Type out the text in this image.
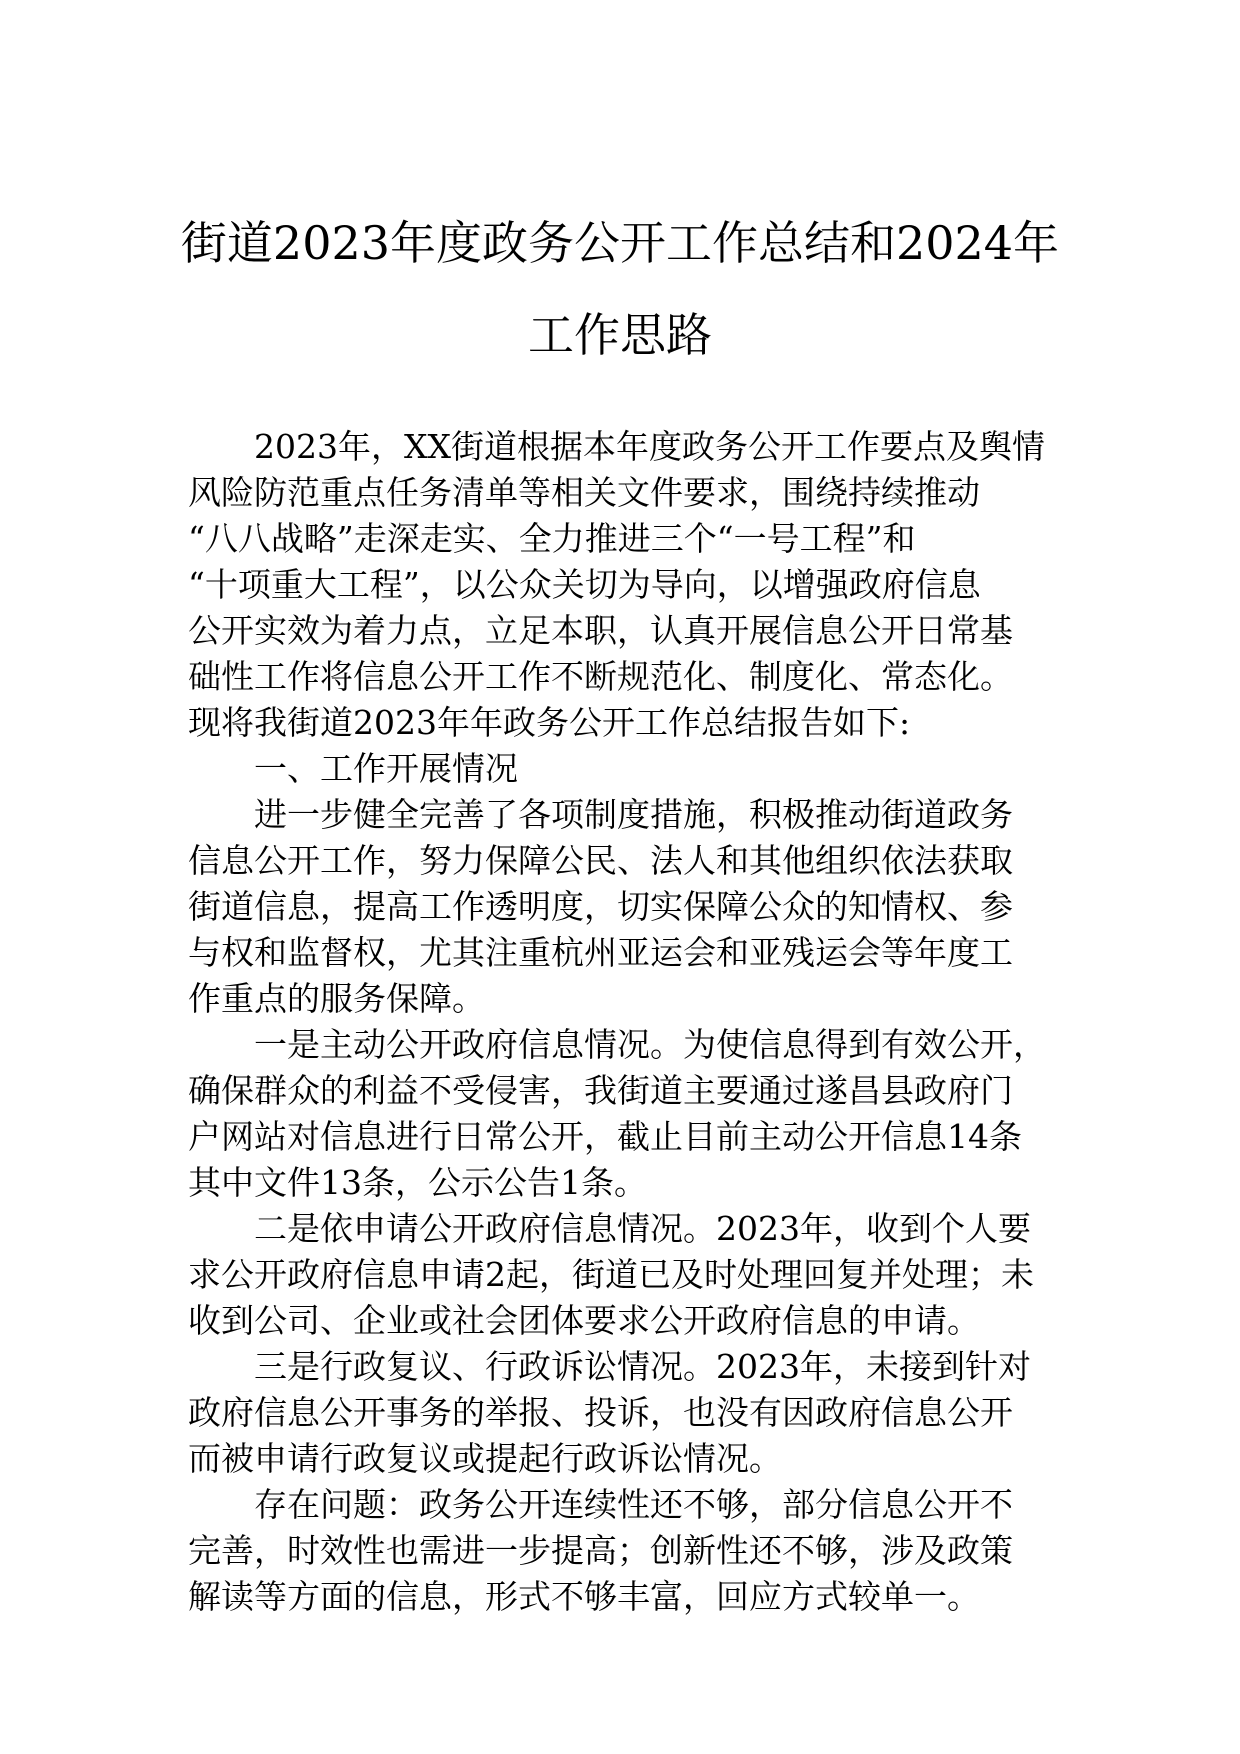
街道2023年度政务公开工作总结和2024年
工作思路
2023年，XX街道根据本年度政务公开工作要点及舆情
风险防范重点任务清单等相关文件要求，围绕持续推动
“八八战略”走深走实、全力推进三个“一号工程”和
“十项重大工程”，以公众关切为导向，以增强政府信息
公开实效为着力点，立足本职，认真开展信息公开日常基
础性工作将信息公开工作不断规范化、制度化、常态化。
现将我街道2023年年政务公开工作总结报告如下:
一、工作开展情况
进一步健全完善了各项制度措施，积极推动街道政务
信息公开工作，努力保障公民、法人和其他组织依法获取
街道信息，提高工作透明度，切实保障公众的知情权、参
与权和监督权，尤其注重杭州亚运会和亚残运会等年度工
作重点的服务保障。
一是主动公开政府信息情况。为使信息得到有效公开，
确保群众的利益不受侵害，我街道主要通过遂昌县政府门
户网站对信息进行日常公开，截止目前主动公开信息14条
其中文件13条，公示公告1条。
二是依申请公开政府信息情况。2023年，收到个人要
求公开政府信息申请2起，街道已及时处理回复并处理；未
收到公司、企业或社会团体要求公开政府信息的申请。
三是行政复议、行政诉讼情况。2023年，未接到针对
政府信息公开事务的举报、投诉，也没有因政府信息公开
而被申请行政复议或提起行政诉讼情况。
存在问题：政务公开连续性还不够，部分信息公开不
完善，时效性也需进一步提高；创新性还不够，涉及政策
解读等方面的信息，形式不够丰富，回应方式较单一。
